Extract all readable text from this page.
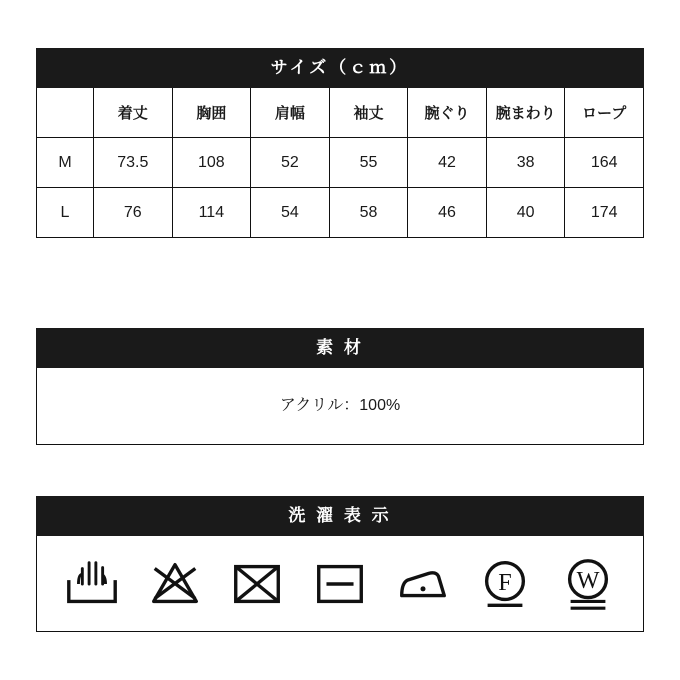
サイズ（ｃｍ）
	着丈	胸囲	肩幅	袖丈	腕ぐり	腕まわり	ロープ
M	73.5	108	52	55	42	38	164
L	76	114	54	58	46	40	174
素 材
アクリル：100%
洗 濯 表 示
F	W
